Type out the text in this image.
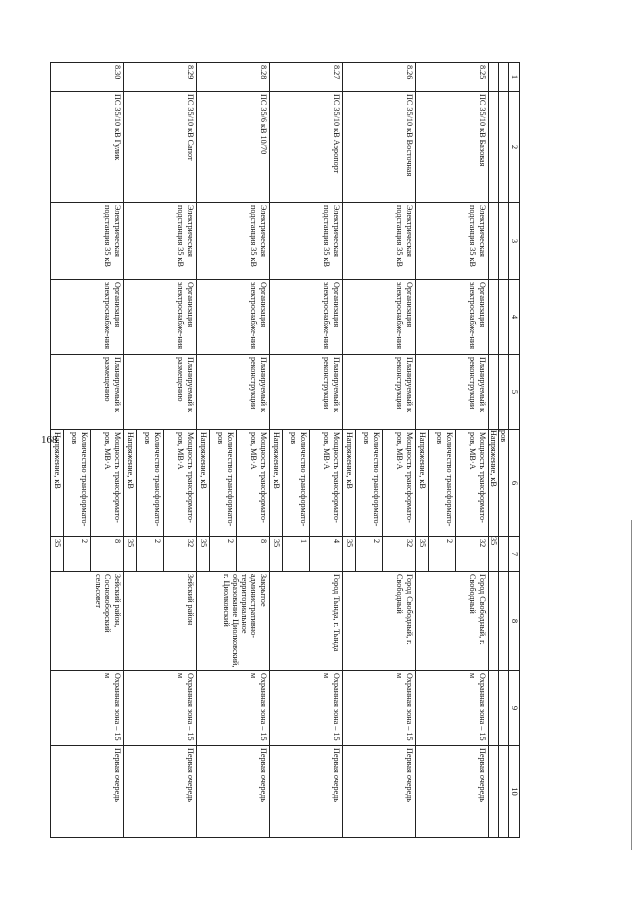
168
1	2	3	4	5	6	7	8	9	10
					ров				
					Напряжение, кВ	35			
8.25	ПС 35/10 кВ Базовая	Электрическая подстанция 35 кВ	Организация электроснабже-ния	Планируемый к реконструкции	Мощность трансформато-ров, МВ·А	32	Город Свободный, г. Свободный	Охранная зона – 15 м	Первая очередь
					Количество трансформато-ров	2			
					Напряжение, кВ	35			
8.26	ПС 35/10 кВ Восточная	Электрическая подстанция 35 кВ	Организация электроснабже-ния	Планируемый к реконструкции	Мощность трансформато-ров, МВ·А	32	Город Свободный, г. Свободный	Охранная зона – 15 м	Первая очередь
					Количество трансформато-ров	2			
					Напряжение, кВ	35			
8.27	ПС 35/10 кВ Аэропорт	Электрическая подстанция 35 кВ	Организация электроснабже-ния	Планируемый к реконструкции	Мощность трансформато-ров, МВ·А	4	Город Тында, г. Тында	Охранная зона – 15 м	Первая очередь
					Количество трансформато-ров	1			
					Напряжение, кВ	35			
8.28	ПС 35/6 кВ 10/70	Электрическая подстанция 35 кВ	Организация электроснабже-ния	Планируемый к реконструкции	Мощность трансформато-ров, МВ·А	8	Закрытое административно-территориальное образование Циолковский, г. Циолковский	Охранная зона – 15 м	Первая очередь
					Количество трансформато-ров	2			
					Напряжение, кВ	35			
8.29	ПС 35/10 кВ Сапот	Электрическая подстанция 35 кВ	Организация электроснабже-ния	Планируемый к размещению	Мощность трансформато-ров, МВ·А	32	Зейский район	Охранная зона – 15 м	Первая очередь
					Количество трансформато-ров	2			
					Напряжение, кВ	35			
8.30	ПС 35/10 кВ Гулик	Электрическая подстанция 35 кВ	Организация электроснабже-ния	Планируемый к размещению	Мощность трансформато-ров, МВ·А	8	Зейский район, Сосновоборский сельсовет	Охранная зона – 15 м	Первая очередь
					Количество трансформато-ров	2			
					Напряжение, кВ	35			
